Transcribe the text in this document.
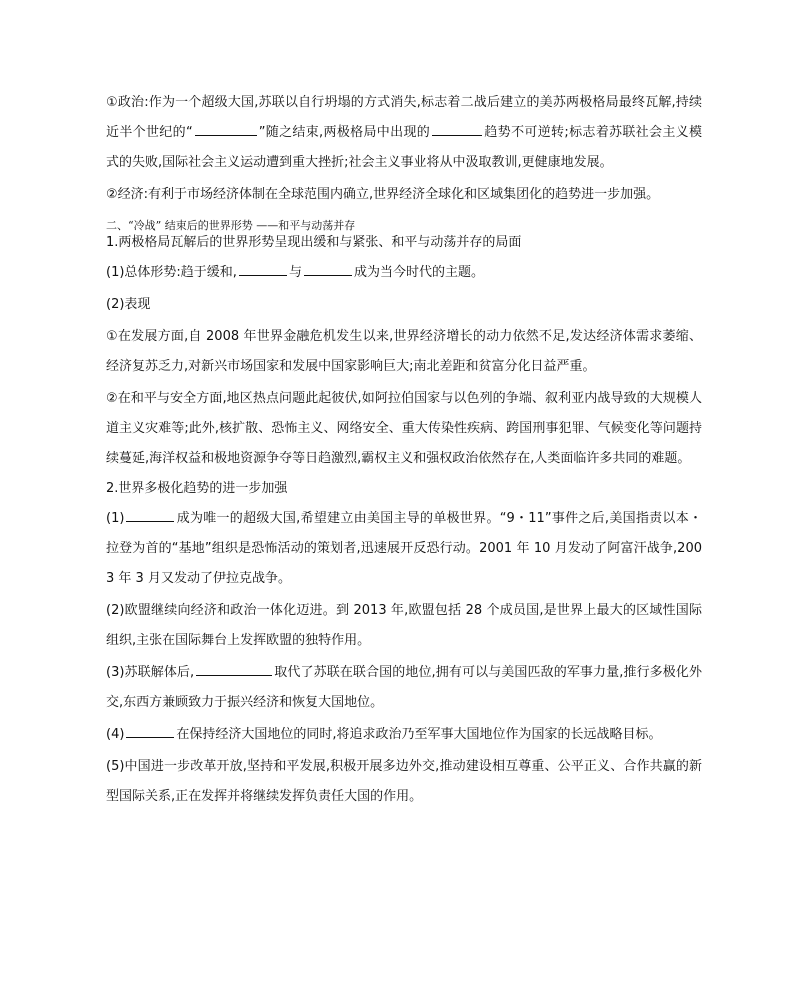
①政治:作为一个超级大国,苏联以自行坍塌的方式消失,标志着二战后建立的美苏两极格局最终瓦解,持续近半个世纪的“	”随之结束,两极格局中出现的	趋势不可逆转;标志着苏联社会主义模式的失败,国际社会主义运动遭到重大挫折;社会主义事业将从中汲取教训,更健康地发展。

②经济:有利于市场经济体制在全球范围内确立,世界经济全球化和区域集团化的趋势进一步加强。

二、“冷战” 结束后的世界形势 ——和平与动荡并存

1.两极格局瓦解后的世界形势呈现出缓和与紧张、和平与动荡并存的局面

(1)总体形势:趋于缓和,	与	成为当今时代的主题。

(2)表现

①在发展方面,自 2008 年世界金融危机发生以来,世界经济增长的动力依然不足,发达经济体需求萎缩、经济复苏乏力,对新兴市场国家和发展中国家影响巨大;南北差距和贫富分化日益严重。

②在和平与安全方面,地区热点问题此起彼伏,如阿拉伯国家与以色列的争端、叙利亚内战导致的大规模人道主义灾难等;此外,核扩散、恐怖主义、网络安全、重大传染性疾病、跨国刑事犯罪、气候变化等问题持续蔓延,海洋权益和极地资源争夺等日趋激烈,霸权主义和强权政治依然存在,人类面临许多共同的难题。

2.世界多极化趋势的进一步加强

(1)	成为唯一的超级大国,希望建立由美国主导的单极世界。“9・11”事件之后,美国指责以本・拉登为首的“基地”组织是恐怖活动的策划者,迅速展开反恐行动。2001 年 10 月发动了阿富汗战争,2003 年 3 月又发动了伊拉克战争。

(2)欧盟继续向经济和政治一体化迈进。到 2013 年,欧盟包括 28 个成员国,是世界上最大的区域性国际组织,主张在国际舞台上发挥欧盟的独特作用。

(3)苏联解体后,	取代了苏联在联合国的地位,拥有可以与美国匹敌的军事力量,推行多极化外交,东西方兼顾致力于振兴经济和恢复大国地位。

(4)	在保持经济大国地位的同时,将追求政治乃至军事大国地位作为国家的长远战略目标。

(5)中国进一步改革开放,坚持和平发展,积极开展多边外交,推动建设相互尊重、公平正义、合作共赢的新型国际关系,正在发挥并将继续发挥负责任大国的作用。
